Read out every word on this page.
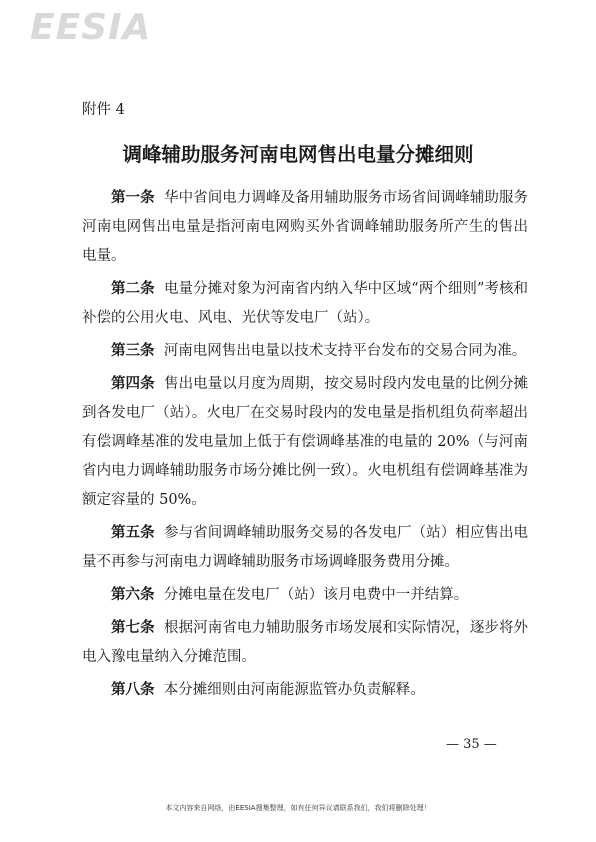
EESIA
附件 4
调峰辅助服务河南电网售出电量分摊细则

第一条 华中省间电力调峰及备用辅助服务市场省间调峰辅助服务河南电网售出电量是指河南电网购买外省调峰辅助服务所产生的售出电量。

第二条 电量分摊对象为河南省内纳入华中区域“两个细则”考核和补偿的公用火电、风电、光伏等发电厂（站）。

第三条 河南电网售出电量以技术支持平台发布的交易合同为准。

第四条 售出电量以月度为周期，按交易时段内发电量的比例分摊到各发电厂（站）。火电厂在交易时段内的发电量是指机组负荷率超出有偿调峰基准的发电量加上低于有偿调峰基准的电量的 20%（与河南省内电力调峰辅助服务市场分摊比例一致）。火电机组有偿调峰基准为额定容量的 50%。

第五条 参与省间调峰辅助服务交易的各发电厂（站）相应售出电量不再参与河南电力调峰辅助服务市场调峰服务费用分摊。

第六条 分摊电量在发电厂（站）该月电费中一并结算。

第七条 根据河南省电力辅助服务市场发展和实际情况，逐步将外电入豫电量纳入分摊范围。

第八条 本分摊细则由河南能源监管办负责解释。

— 35 —
本文内容来自网络，由EESIA搜集整理，如有任何异议请联系我们，我们将删除处理！
